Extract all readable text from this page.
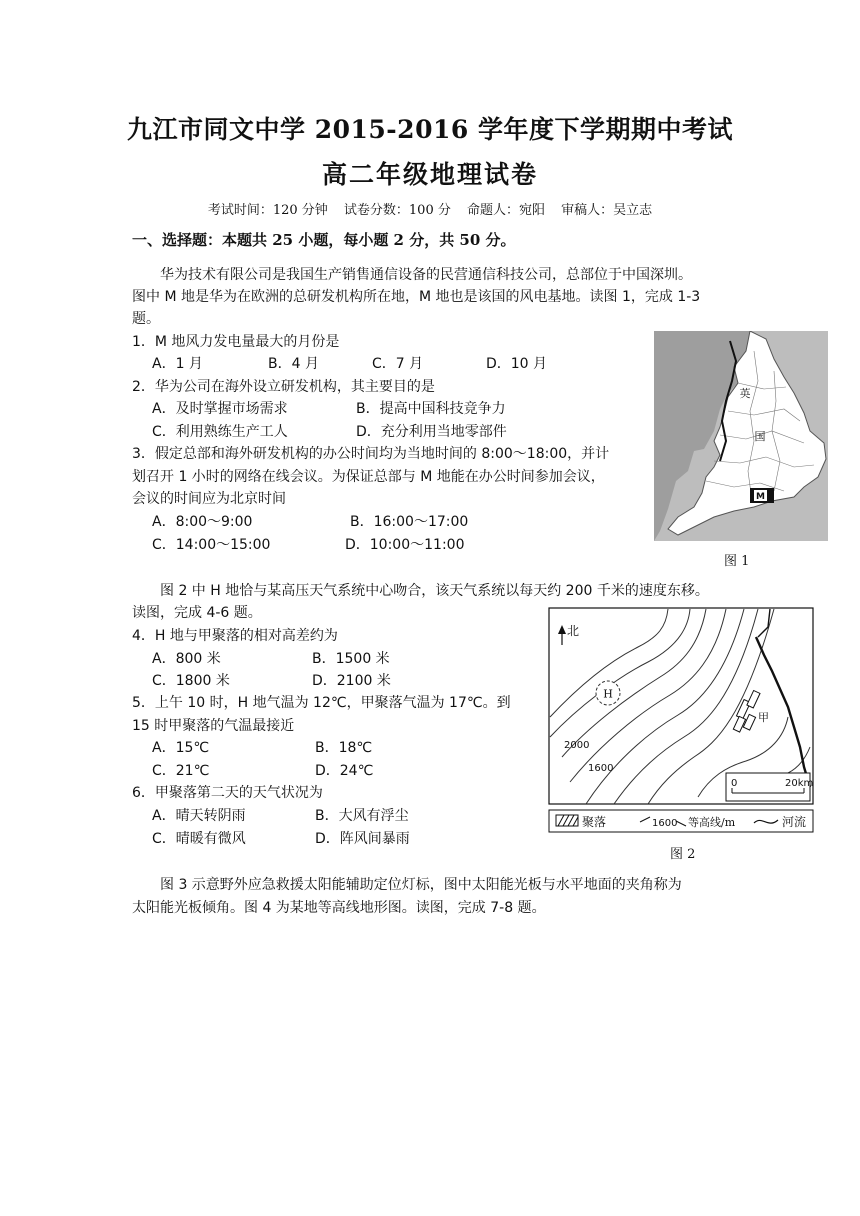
九江市同文中学 2015-2016 学年度下学期期中考试
高二年级地理试卷
考试时间：120 分钟 试卷分数：100 分 命题人：宛阳 审稿人：吴立志
一、选择题：本题共 25 小题，每小题 2 分，共 50 分。
华为技术有限公司是我国生产销售通信设备的民营通信科技公司，总部位于中国深圳。
图中 M 地是华为在欧洲的总研发机构所在地，M 地也是该国的风电基地。读图 1，完成 1-3
题。
1．M 地风力发电量最大的月份是
A．1 月	B．4 月	C．7 月	D．10 月
2．华为公司在海外设立研发机构，其主要目的是
A．及时掌握市场需求	B．提高中国科技竞争力
C．利用熟练生产工人	D．充分利用当地零部件
3．假定总部和海外研发机构的办公时间均为当地时间的 8:00～18:00，并计
划召开 1 小时的网络在线会议。为保证总部与 M 地能在办公时间参加会议，
会议的时间应为北京时间
A．8:00～9:00	B．16:00～17:00
C．14:00～15:00	D．10:00～11:00
英
国
M
图 1
图 2 中 H 地恰与某高压天气系统中心吻合，该天气系统以每天约 200 千米的速度东移。
读图，完成 4-6 题。
4．H 地与甲聚落的相对高差约为
A．800 米	B．1500 米
C．1800 米	D．2100 米
5．上午 10 时，H 地气温为 12℃，甲聚落气温为 17℃。到
15 时甲聚落的气温最接近
A．15℃	B．18℃
C．21℃	D．24℃
6．甲聚落第二天的天气状况为
A．晴天转阴雨	B．大风有浮尘
C．晴暖有微风	D．阵风间暴雨
北
H
甲
2000
1600
0	20km
聚落	1600 等高线/m	河流
图 2
图 3 示意野外应急救援太阳能辅助定位灯标，图中太阳能光板与水平地面的夹角称为
太阳能光板倾角。图 4 为某地等高线地形图。读图，完成 7-8 题。
